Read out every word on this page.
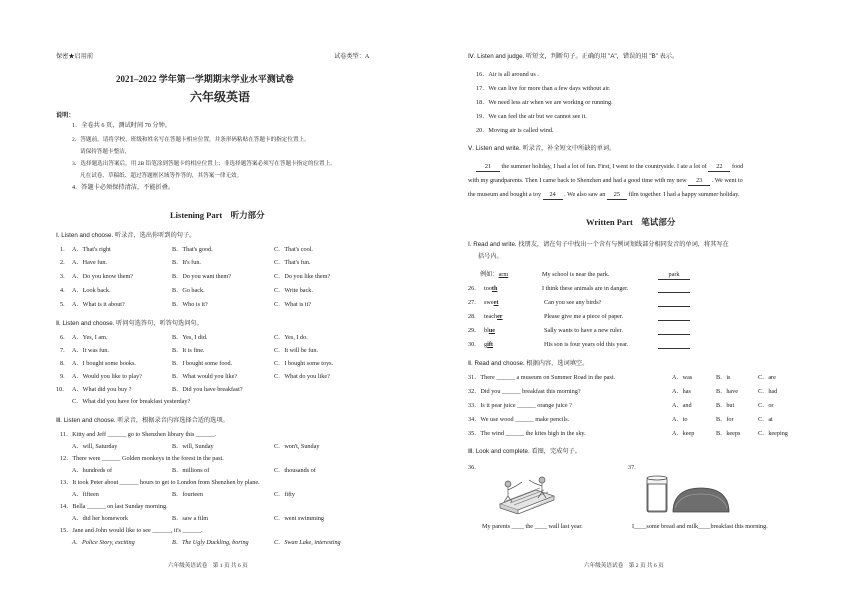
保密★启用前	试卷类型：A
2021–2022 学年第一学期期末学业水平测试卷
六年级英语
说明：
1．全卷共 6 页，测试时间 70 分钟。
2．答题前，请将学校、班级和姓名写在答题卡相应位置，并条形码粘贴在答题卡的指定位置上。
请保持答题卡整洁，
3．选择题选出答案后，用 2B 铅笔涂到答题卡的相应位置上；非选择题答案必须写在答题卡指定的位置上。
凡在试卷、草稿纸、超过答题框区域等作答的，其答案一律无效。
4．答题卡必须保持清洁，不能折叠。
Listening Part　听力部分
Ⅰ. Listen and choose. 听录音，选出你听到的句子。
1. A．That's right	B．That's good.	C．That's cool.
2. A．Have fun.	B．It's fun.	C．That's fun.
3. A．Do you know them?	B．Do you want them?	C．Do you like them?
4. A．Look back.	B．Go back.	C．Write back.
5. A．What is it about?	B．Who is it?	C．What is it?
Ⅱ. Listen and choose. 听问句选答句，听答句选问句。
6. A．Yes, I am.	B．Yes, I did.	C．Yes, I do.
7. A．It was fun.	B．It is fine.	C．It will be fun.
8. A．I bought some books.	B．I bought some food.	C．I bought some toys.
9. A．Would you like to play?	B．What would you like?	C．What do you like?
10. A．What did you buy ?	B．Did you have breakfast?
C．What did you have for breakfast yesterday?
Ⅲ. Listen and choose. 听录音，根据录音内容选择合适的选项。
11．Kitty and Jeff ______ go to Shenzhen library this ______.
A．will, Saturday	B．will, Sunday	C．won't, Sunday
12．There were ______ Golden monkeys in the forest in the past.
A．hundreds of	B．millions of	C．thousands of
13．It took Peter about ______ hours to get to London from Shenzhen by plane.
A．fifteen	B．fourteen	C．fifty
14．Bella ______ on last Sunday morning.
A．did her homework	B．saw a film	C．went swimming
15．Jane and John would like to see ______, it's ______.
A．Police Story, exciting	B．The Ugly Duckling, boring	C．Swan Lake, interesting
六年级英语试卷　第 1 页 共 6 页
Ⅳ. Listen and judge. 听短文，判断句子。正确的用 "A"，错误的用 "B" 表示。
16．Air is all around us .
17．We can live for more than a few days without air.
18．We need less air when we are working or running.
19．We can feel the air but we cannot see it.
20．Moving air is called wind.
Ⅴ. Listen and write. 听录音，补全短文中所缺的单词。
21 the summer holiday, I had a lot of fun. First, I went to the countryside. I ate a lot of 22 food
with my grandparents. Then I came back to Shenzhen and had a good time with my new 23 . We went to
the museum and bought a toy 24 . We also saw an 25 film together. I had a happy summer holiday.
Written Part　笔试部分
Ⅰ. Read and write. 找朋友，请在句子中找出一个含有与例词划线部分相同发音的单词，将其写在
括号内。
例如：arm	My school is near the park.	park
26. tooth	I think these animals are in danger.
27. sweet	Can you see any birds?
28. teacher	Please give me a piece of paper.
29. blue	Sally wants to have a new ruler.
30. gift	His son is four years old this year.
Ⅱ. Read and choose. 根据内容，选词填空。
31．There ______ a museum on Summer Road in the past.	A．was	B．is	C．are
32．Did you ______ breakfast this morning?	A．has	B．have	C．had
33．Is it pear juice ______ orange juice ?	A．and	B．but	C．or
34．We use wood ______ make pencils.	A．to	B．for	C．at
35．The wind ______ the kites high in the sky.	A．keep	B．keeps	C．keeping
Ⅲ. Look and complete. 看图，完成句子。
36.	37.
My parents ____ the ____ wall last year.	I____some bread and milk____breakfast this morning.
六年级英语试卷　第 2 页 共 6 页
